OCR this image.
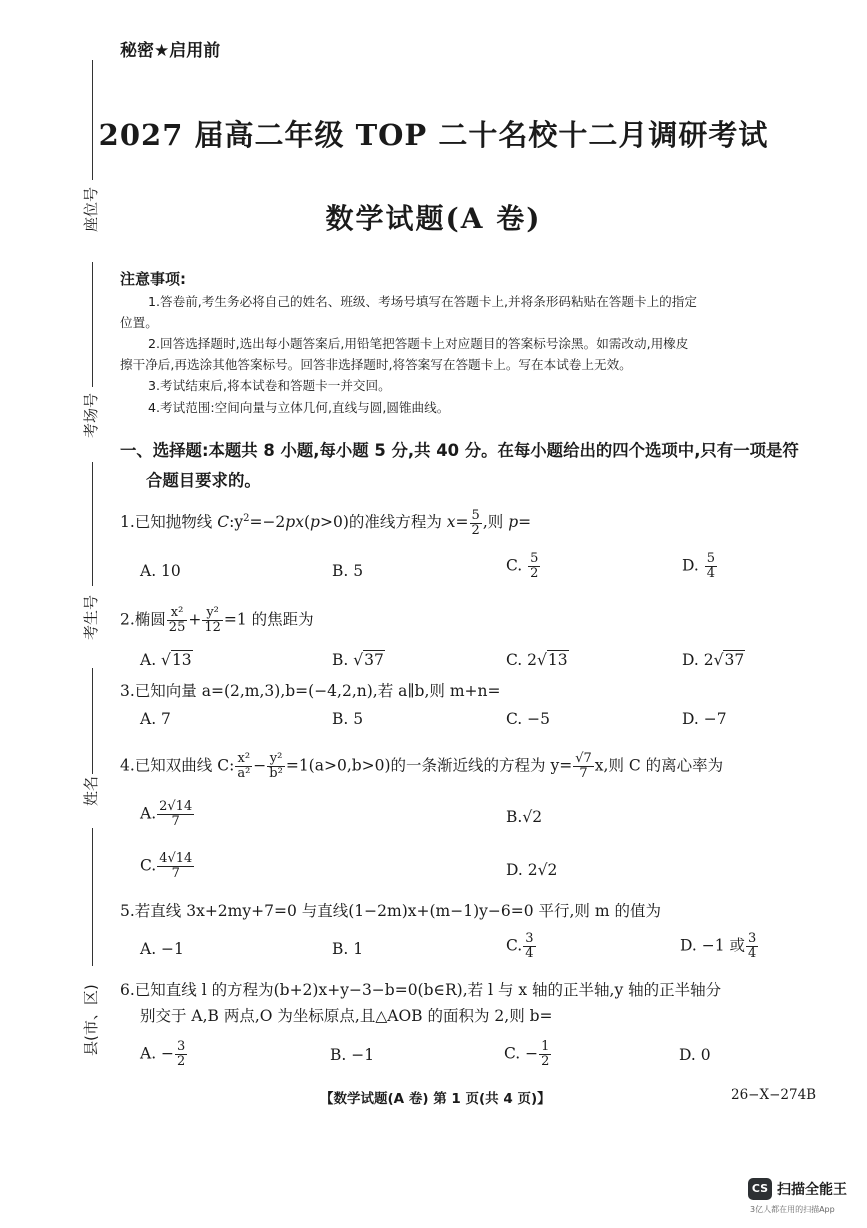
秘密★启用前
座位号
考场号
考生号
姓名
县(市、区)
2027 届高二年级 TOP 二十名校十二月调研考试
数学试题(A 卷)
注意事项:
1.答卷前,考生务必将自己的姓名、班级、考场号填写在答题卡上,并将条形码粘贴在答题卡上的指定
位置。
2.回答选择题时,选出每小题答案后,用铅笔把答题卡上对应题目的答案标号涂黑。如需改动,用橡皮
擦干净后,再选涂其他答案标号。回答非选择题时,将答案写在答题卡上。写在本试卷上无效。
3.考试结束后,将本试卷和答题卡一并交回。
4.考试范围:空间向量与立体几何,直线与圆,圆锥曲线。
一、选择题:本题共 8 小题,每小题 5 分,共 40 分。在每小题给出的四个选项中,只有一项是符
合题目要求的。
1.已知抛物线 $C:y^2=-2px(p>0)$的准线方程为 $x= \frac{5}{2}$ ,则 p=
A. 10	B. 5	C. $\frac{5}{2}$	D. $\frac{5}{4}$
2.椭圆 $\frac{\text{x²}}{25} + \frac{\text{y²}}{12} =1$ 的焦距为
A. √13	B. √37	C. 2√13	D. 2√37
3.已知向量 a=(2,m,3),b=(−4,2,n),若 a∥b,则 m+n=
A. 7	B. 5	C. −5	D. −7
4.已知双曲线 C: $\frac{\text{x²}}{\text{a²}} - \frac{\text{y²}}{\text{b²}} =1(a>0,b>0)$的一条渐近线的方程为 $y= \frac{√7}{7} x$,则 C 的离心率为
A. $\frac{2√14}{7}$	B.√2
C. $\frac{4√14}{7}$	D. 2√2
5.若直线 3x+2my+7=0 与直线(1−2m)x+(m−1)y−6=0 平行,则 m 的值为
A. −1	B. 1	C. $\frac{3}{4}$	D. −1 或 $\frac{3}{4}$
6.已知直线 l 的方程为(b+2)x+y−3−b=0(b∈R),若 l 与 x 轴的正半轴,y 轴的正半轴分
别交于 A,B 两点,O 为坐标原点,且△AOB 的面积为 2,则 b=
A. − $\frac{3}{2}$	B. −1	C. − $\frac{1}{2}$	D. 0
【数学试题(A 卷) 第 1 页(共 4 页)】	26−X−274B
CS 扫描全能王
3亿人都在用的扫描App
